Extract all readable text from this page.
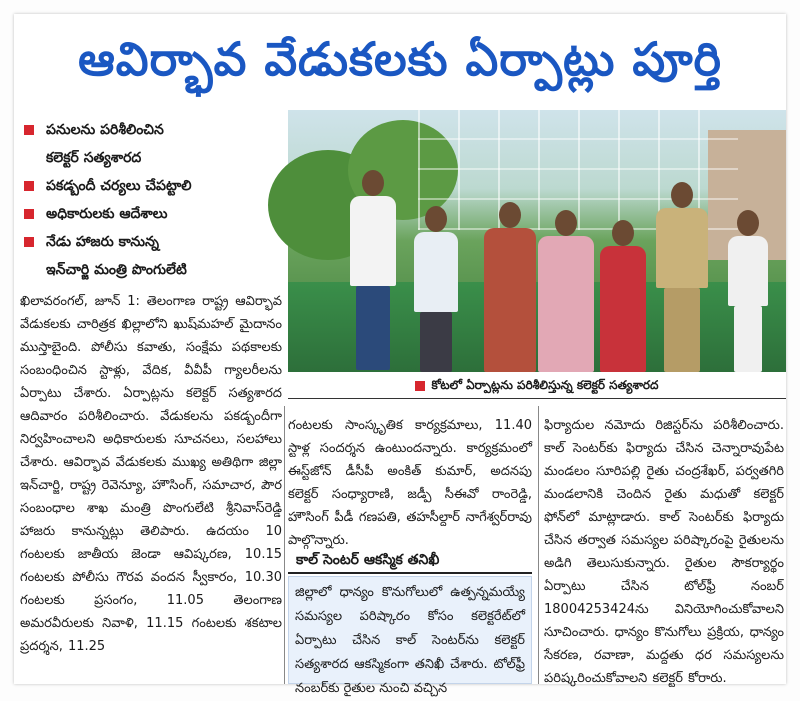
ఆవిర్భావ వేడుకలకు ఏర్పాట్లు పూర్తి
పనులను పరిశీలించిన
కలెక్టర్ సత్యశారద
పకడ్బందీ చర్యలు చేపట్టాలి
అధికారులకు ఆదేశాలు
నేడు హాజరు కానున్న
ఇన్‌చార్జి మంత్రి పొంగులేటి
కోటలో ఏర్పాట్లను పరిశీలిస్తున్న కలెక్టర్ సత్యశారద

ఖిలావరంగల్, జూన్ 1: తెలంగాణ రాష్ట్ర ఆవిర్భావ వేడుకలకు చారిత్రక ఖిల్లాలోని ఖుష్‌మహల్ మైదానం ముస్తాబైంది. పోలీసు కవాతు, సంక్షేమ పథకాలకు సంబంధించిన స్టాళ్లు, వేదిక, వీవీపీ గ్యాలరీలను ఏర్పాటు చేశారు. ఏర్పాట్లను కలెక్టర్ సత్యశారద ఆదివారం పరిశీలించారు. వేడుకలను పకడ్బందీగా నిర్వహించాలని అధికారులకు సూచనలు, సలహాలు చేశారు. ఆవిర్భావ వేడుకలకు ముఖ్య అతిథిగా జిల్లా ఇన్‌చార్జి, రాష్ట్ర రెవెన్యూ, హౌసింగ్, సమాచార, పౌర సంబంధాల శాఖ మంత్రి పొంగులేటి శ్రీనివాస్‌రెడ్డి హాజరు కానున్నట్లు తెలిపారు. ఉదయం 10 గంటలకు జాతీయ జెండా ఆవిష్కరణ, 10.15 గంటలకు పోలీసు గౌరవ వందన స్వీకారం, 10.30 గంటలకు ప్రసంగం, 11.05 తెలంగాణ అమరవీరులకు నివాళి, 11.15 గంటలకు శకటాల ప్రదర్శన, 11.25

గంటలకు సాంస్కృతిక కార్యక్రమాలు, 11.40 స్టాళ్ల సందర్శన ఉంటుందన్నారు. కార్యక్రమంలో ఈస్ట్‌జోన్ డీసీపీ అంకిత్‌ కుమార్, అదనపు కలెక్టర్ సంధ్యారాణి, జడ్పీ సీఈవో రాంరెడ్డి, హౌసింగ్ పీడీ గణపతి, తహసీల్దార్ నాగేశ్వర్‌రావు పాల్గొన్నారు.

కాల్ సెంటర్ ఆకస్మిక తనిఖీ
జిల్లాలో ధాన్యం కొనుగోలులో ఉత్పన్నమయ్యే సమస్యల పరిష్కారం కోసం కలెక్టరేట్‌లో ఏర్పాటు చేసిన కాల్ సెంటర్‌ను కలెక్టర్ సత్యశారద ఆకస్మికంగా తనిఖీ చేశారు. టోల్‌ఫ్రీ నంబర్‌కు రైతుల నుంచి వచ్చిన

ఫిర్యాదుల నమోదు రిజిస్టర్‌ను పరిశీలించారు. కాల్ సెంటర్‌కు ఫిర్యాదు చేసిన చెన్నారావుపేట మండలం సూరిపల్లి రైతు చంద్రశేఖర్, పర్వతగిరి మండలానికి చెందిన రైతు మధుతో కలెక్టర్ ఫోన్‌లో మాట్లాడారు. కాల్ సెంటర్‌కు ఫిర్యాదు చేసిన తర్వాత సమస్యల పరిష్కారంపై రైతులను అడిగి తెలుసుకున్నారు. రైతుల సౌకర్యార్థం ఏర్పాటు చేసిన టోల్‌ఫ్రీ నంబర్ 18004253424ను వినియోగించుకోవాలని సూచించారు. ధాన్యం కొనుగోలు ప్రక్రియ, ధాన్యం సేకరణ, రవాణా, మద్దతు ధర సమస్యలను పరిష్కరించుకోవాలని కలెక్టర్ కోరారు.
